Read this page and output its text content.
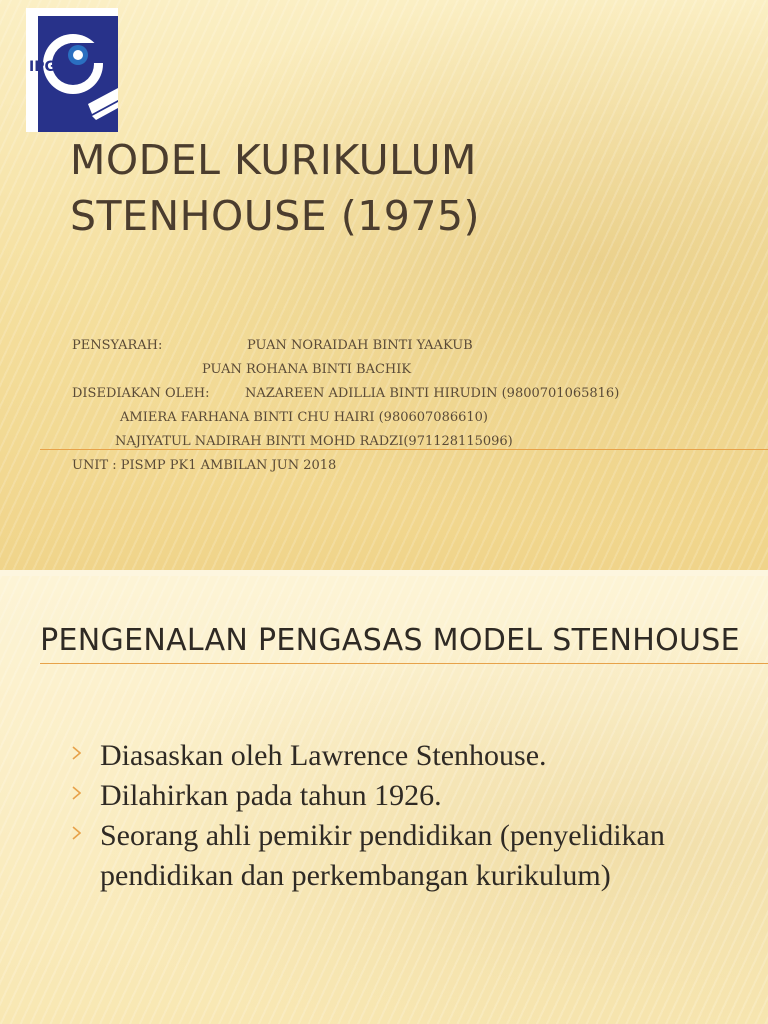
IPG
MODEL KURIKULUM
STENHOUSE (1975)
PENSYARAH:	PUAN NORAIDAH BINTI YAAKUB
PUAN ROHANA BINTI BACHIK
DISEDIAKAN OLEH:	NAZAREEN ADILLIA BINTI HIRUDIN (9800701065816)
AMIERA FARHANA BINTI CHU HAIRI (980607086610)
NAJIYATUL NADIRAH BINTI MOHD RADZI(971128115096)
UNIT : PISMP PK1 AMBILAN JUN 2018
PENGENALAN PENGASAS MODEL STENHOUSE
Diasaskan oleh Lawrence Stenhouse.
Dilahirkan pada tahun 1926.
Seorang ahli pemikir pendidikan (penyelidikan pendidikan dan perkembangan kurikulum)
